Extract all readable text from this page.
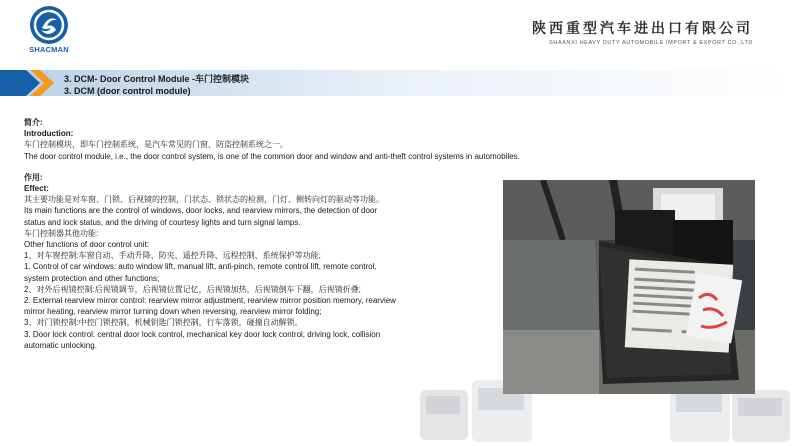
SHACMAN
陕西重型汽车进出口有限公司
SHAANXI HEAVY DUTY AUTOMOBILE IMPORT & EXPORT CO.,LTD
3. DCM- Door Control Module -车门控制模块
3. DCM (door control module)
简介:
Introduction:
车门控制模块，即车门控制系统，是汽车常见的门窗、防盗控制系统之一。
The door control module, i.e., the door control system, is one of the common door and window and anti-theft control systems in automobiles.
作用:
Effect:
其主要功能是对车窗、门锁、后视镜的控制，门状态、锁状态的检测，门灯、侧转向灯的驱动等功能。
Its main functions are the control of windows, door locks, and rearview mirrors, the detection of door
status and lock status, and the driving of courtesy lights and turn signal lamps.
车门控制器其他功能:
Other functions of door control unit:
1、对车窗控制:车窗自动、手动升降、防夹、遥控升降、远程控制、系统保护等功能;
1. Control of car windows: auto window lift, manual lift, anti-pinch, remote control lift, remote control,
system protection and other functions;
2、对外后视镜控制:后视镜调节，后视镜位置记忆，后视镜加热，后视镜倒车下翻，后视镜折叠;
2. External rearview mirror control: rearview mirror adjustment, rearview mirror position memory, rearview
mirror heating, rearview mirror turning down when reversing, rearview mirror folding;
3、对门锁控制:中控门锁控制，机械钥匙门锁控制，行车落锁，碰撞自动解锁。
3. Door lock control: central door lock control, mechanical key door lock control, driving lock, collision
automatic unlocking.
